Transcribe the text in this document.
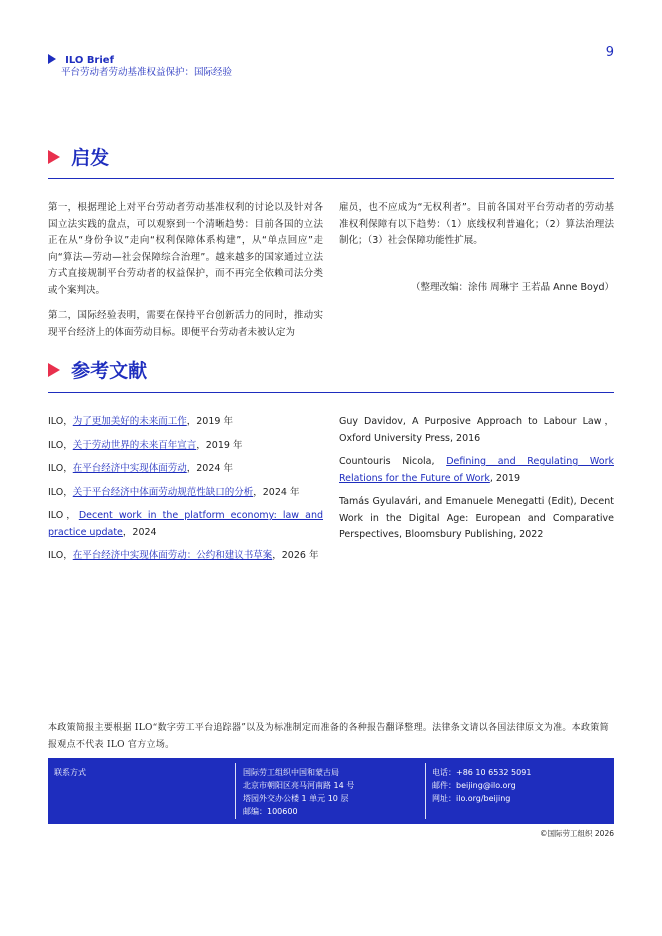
ILO Brief
平台劳动者劳动基准权益保护：国际经验
9
启发

第一，根据理论上对平台劳动者劳动基准权利的讨论以及针对各国立法实践的盘点，可以观察到一个清晰趋势：目前各国的立法正在从“身份争议”走向“权利保障体系构建”，从“单点回应”走向“算法—劳动—社会保障综合治理”。越来越多的国家通过立法方式直接规制平台劳动者的权益保护，而不再完全依赖司法分类或个案判决。

第二，国际经验表明，需要在保持平台创新活力的同时，推动实现平台经济上的体面劳动目标。即便平台劳动者未被认定为

雇员，也不应成为“无权利者”。目前各国对平台劳动者的劳动基准权利保障有以下趋势：（1）底线权利普遍化；（2）算法治理法制化；（3）社会保障功能性扩展。

（整理改编：涂伟 周琳宇 王若晶 Anne Boyd）
参考文献

ILO，为了更加美好的未来而工作，2019 年

ILO，关于劳动世界的未来百年宣言，2019 年

ILO，在平台经济中实现体面劳动，2024 年

ILO，关于平台经济中体面劳动规范性缺口的分析，2024 年

ILO，Decent work in the platform economy: law and practice update，2024

ILO，在平台经济中实现体面劳动：公约和建议书草案，2026 年

Guy Davidov, A Purposive Approach to Labour Law，Oxford University Press, 2016

Countouris Nicola, Defining and Regulating Work Relations for the Future of Work, 2019

Tamás Gyulavári, and Emanuele Menegatti (Edit), Decent Work in the Digital Age: European and Comparative Perspectives, Bloomsbury Publishing, 2022

本政策简报主要根据 ILO“数字劳工平台追踪器”以及为标准制定而准备的各种报告翻译整理。法律条文请以各国法律原文为准。本政策简报观点不代表 ILO 官方立场。
联系方式	国际劳工组织中国和蒙古局
北京市朝阳区亮马河南路 14 号
塔园外交办公楼 1 单元 10 层
邮编：100600
电话：+86 10 6532 5091
邮件：beijing@ilo.org
网址：ilo.org/beijing
©国际劳工组织 2026
